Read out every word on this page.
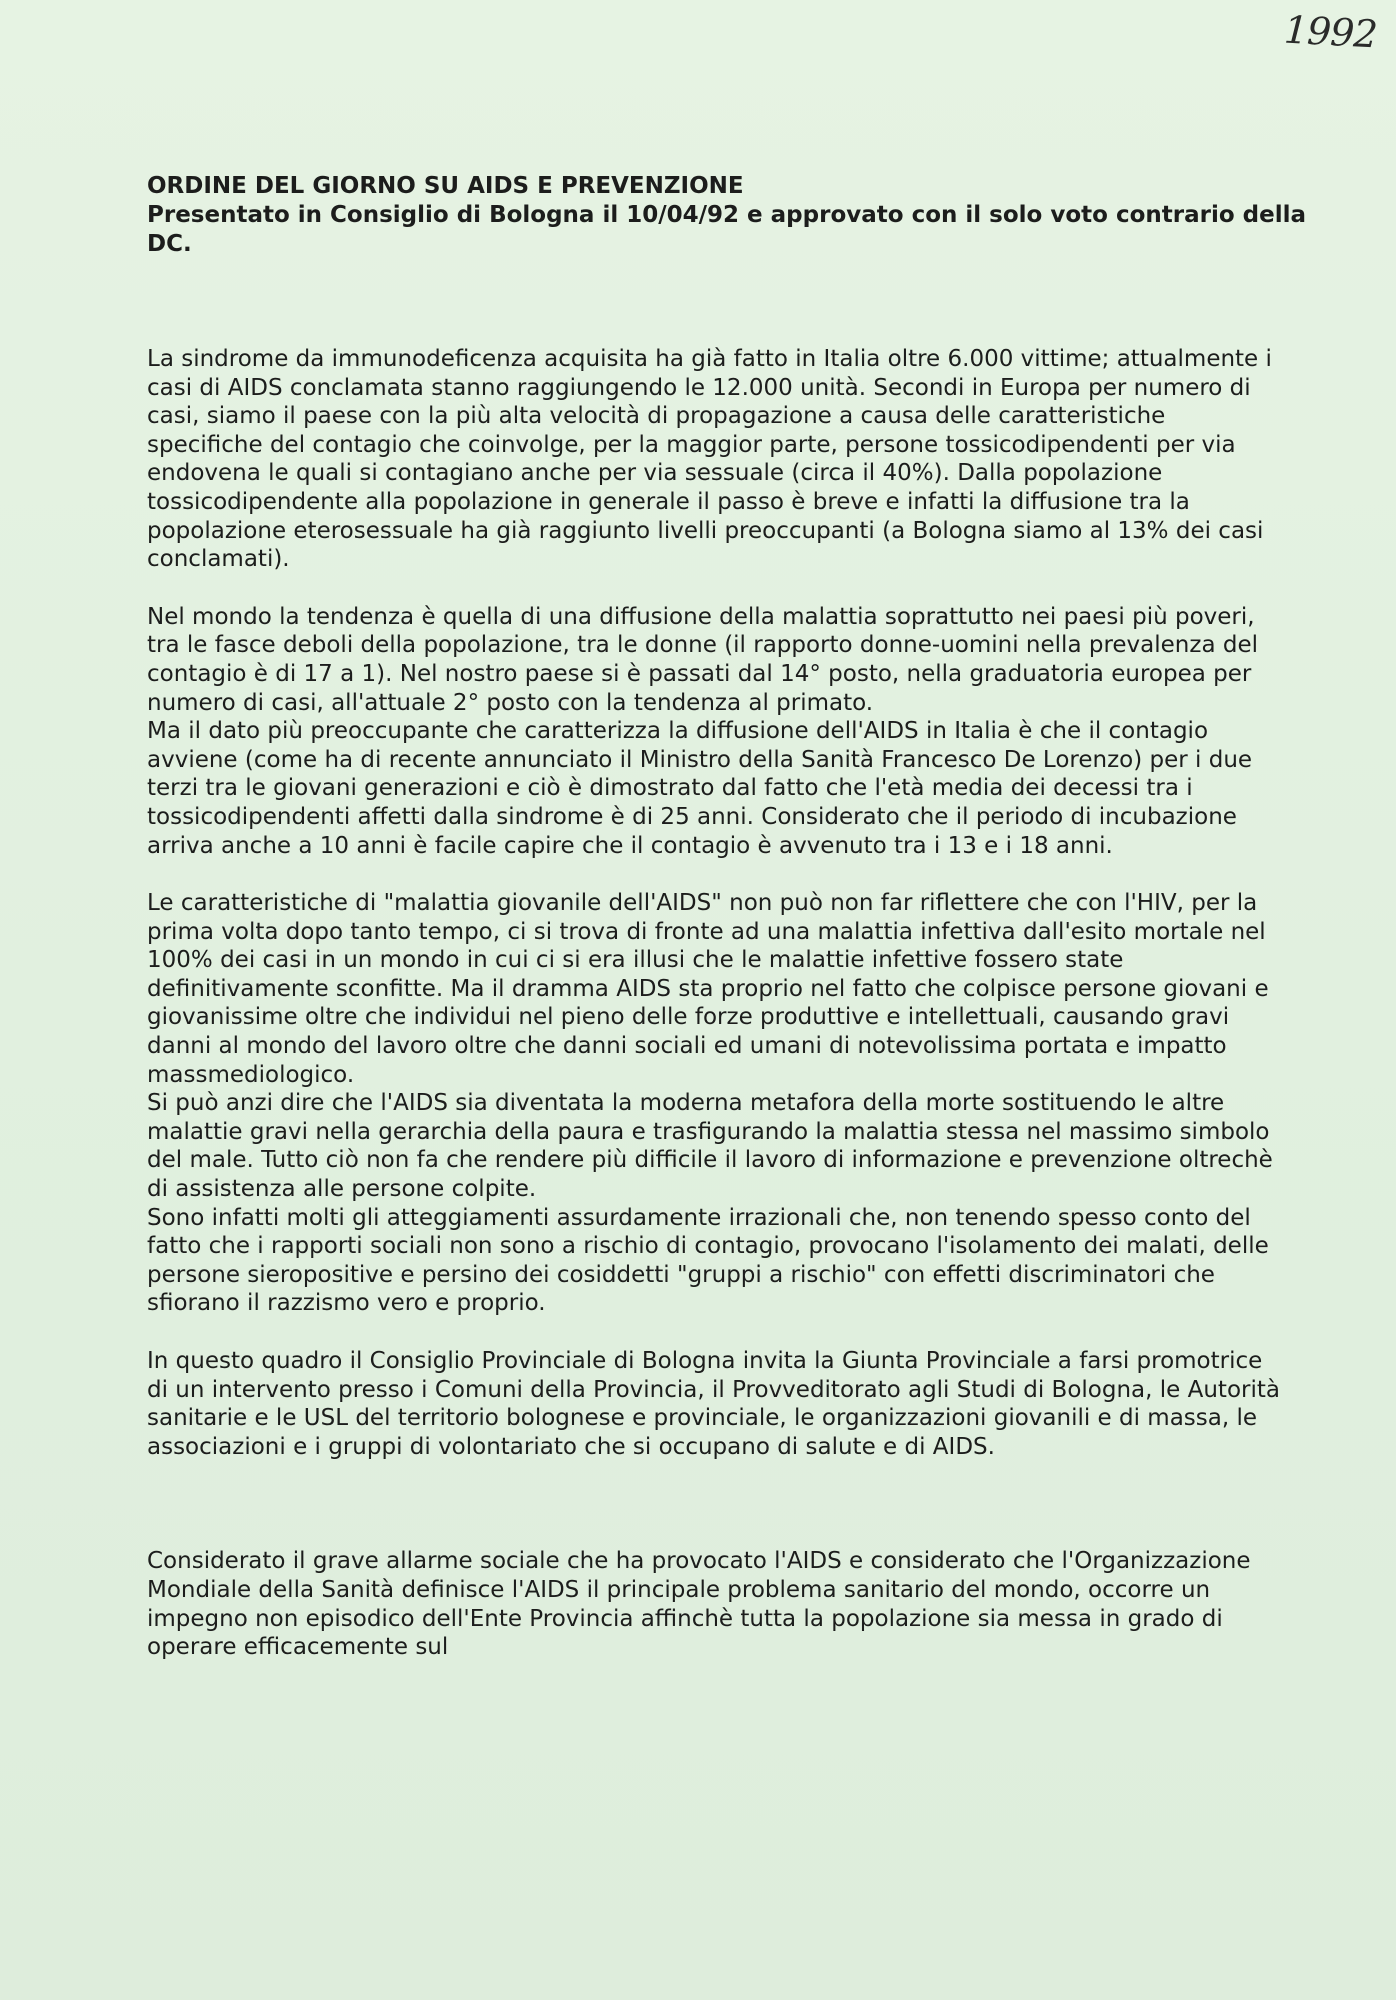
1992
ORDINE DEL GIORNO SU AIDS E PREVENZIONE
Presentato in Consiglio di Bologna il 10/04/92 e approvato con il solo voto contrario della DC.

La sindrome da immunodeficenza acquisita ha già fatto in Italia oltre 6.000 vittime; attualmente i casi di AIDS conclamata stanno raggiungendo le 12.000 unità. Secondi in Europa per numero di casi, siamo il paese con la più alta velocità di propagazione a causa delle caratteristiche specifiche del contagio che coinvolge, per la maggior parte, persone tossicodipendenti per via endovena le quali si contagiano anche per via sessuale (circa il 40%). Dalla popolazione tossicodipendente alla popolazione in generale il passo è breve e infatti la diffusione tra la popolazione eterosessuale ha già raggiunto livelli preoccupanti (a Bologna siamo al 13% dei casi conclamati).

Nel mondo la tendenza è quella di una diffusione della malattia soprattutto nei paesi più poveri, tra le fasce deboli della popolazione, tra le donne (il rapporto donne-uomini nella prevalenza del contagio è di 17 a 1). Nel nostro paese si è passati dal 14° posto, nella graduatoria europea per numero di casi, all'attuale 2° posto con la tendenza al primato.

Ma il dato più preoccupante che caratterizza la diffusione dell'AIDS in Italia è che il contagio avviene (come ha di recente annunciato il Ministro della Sanità Francesco De Lorenzo) per i due terzi tra le giovani generazioni e ciò è dimostrato dal fatto che l'età media dei decessi tra i tossicodipendenti affetti dalla sindrome è di 25 anni. Considerato che il periodo di incubazione arriva anche a 10 anni è facile capire che il contagio è avvenuto tra i 13 e i 18 anni.

Le caratteristiche di "malattia giovanile dell'AIDS" non può non far riflettere che con l'HIV, per la prima volta dopo tanto tempo, ci si trova di fronte ad una malattia infettiva dall'esito mortale nel 100% dei casi in un mondo in cui ci si era illusi che le malattie infettive fossero state definitivamente sconfitte. Ma il dramma AIDS sta proprio nel fatto che colpisce persone giovani e giovanissime oltre che individui nel pieno delle forze produttive e intellettuali, causando gravi danni al mondo del lavoro oltre che danni sociali ed umani di notevolissima portata e impatto massmediologico.

Si può anzi dire che l'AIDS sia diventata la moderna metafora della morte sostituendo le altre malattie gravi nella gerarchia della paura e trasfigurando la malattia stessa nel massimo simbolo del male. Tutto ciò non fa che rendere più difficile il lavoro di informazione e prevenzione oltrechè di assistenza alle persone colpite.

Sono infatti molti gli atteggiamenti assurdamente irrazionali che, non tenendo spesso conto del fatto che i rapporti sociali non sono a rischio di contagio, provocano l'isolamento dei malati, delle persone sieropositive e persino dei cosiddetti "gruppi a rischio" con effetti discriminatori che sfiorano il razzismo vero e proprio.

In questo quadro il Consiglio Provinciale di Bologna invita la Giunta Provinciale a farsi promotrice di un intervento presso i Comuni della Provincia, il Provveditorato agli Studi di Bologna, le Autorità sanitarie e le USL del territorio bolognese e provinciale, le organizzazioni giovanili e di massa, le associazioni e i gruppi di volontariato che si occupano di salute e di AIDS.

Considerato il grave allarme sociale che ha provocato l'AIDS e considerato che l'Organizzazione Mondiale della Sanità definisce l'AIDS il principale problema sanitario del mondo, occorre un impegno non episodico dell'Ente Provincia affinchè tutta la popolazione sia messa in grado di operare efficacemente sul
